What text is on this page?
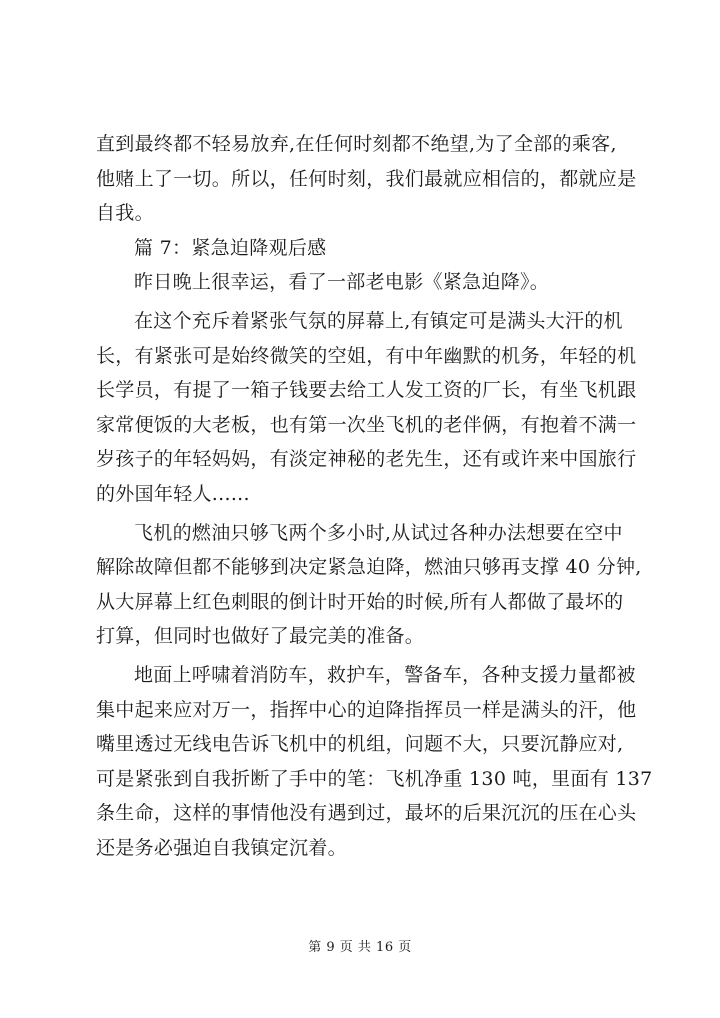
直到最终都不轻易放弃,在任何时刻都不绝望,为了全部的乘客,
他赌上了一切。所以，任何时刻，我们最就应相信的，都就应是
自我。
篇 7：紧急迫降观后感
昨日晚上很幸运，看了一部老电影《紧急迫降》。
在这个充斥着紧张气氛的屏幕上,有镇定可是满头大汗的机
长，有紧张可是始终微笑的空姐，有中年幽默的机务，年轻的机
长学员，有提了一箱子钱要去给工人发工资的厂长，有坐飞机跟
家常便饭的大老板，也有第一次坐飞机的老伴俩，有抱着不满一
岁孩子的年轻妈妈，有淡定神秘的老先生，还有或许来中国旅行
的外国年轻人......
飞机的燃油只够飞两个多小时,从试过各种办法想要在空中
解除故障但都不能够到决定紧急迫降，燃油只够再支撑 40 分钟,
从大屏幕上红色刺眼的倒计时开始的时候,所有人都做了最坏的
打算，但同时也做好了最完美的准备。
地面上呼啸着消防车，救护车，警备车，各种支援力量都被
集中起来应对万一，指挥中心的迫降指挥员一样是满头的汗，他
嘴里透过无线电告诉飞机中的机组，问题不大，只要沉静应对,
可是紧张到自我折断了手中的笔：飞机净重 130 吨，里面有 137
条生命，这样的事情他没有遇到过，最坏的后果沉沉的压在心头
还是务必强迫自我镇定沉着。
第 9 页 共 16 页
